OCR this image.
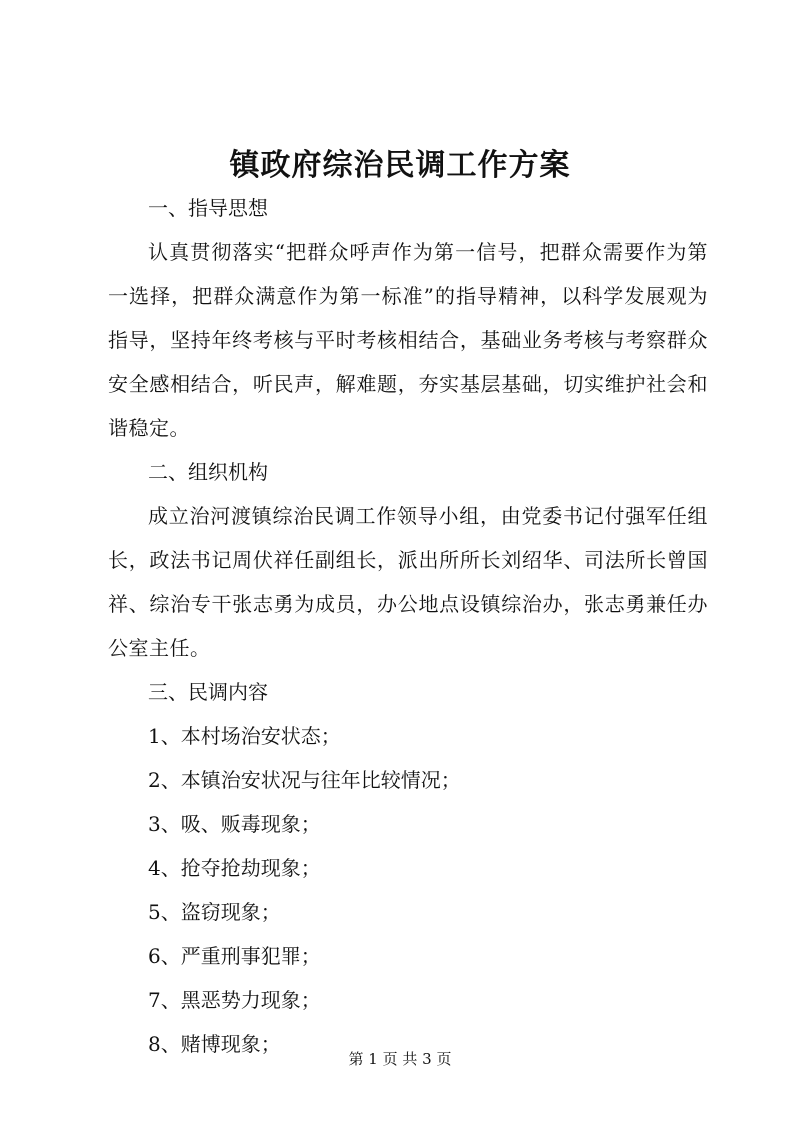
镇政府综治民调工作方案

一、指导思想

认真贯彻落实“把群众呼声作为第一信号，把群众需要作为第一选择，把群众满意作为第一标准”的指导精神，以科学发展观为指导，坚持年终考核与平时考核相结合，基础业务考核与考察群众安全感相结合，听民声，解难题，夯实基层基础，切实维护社会和谐稳定。

二、组织机构

成立治河渡镇综治民调工作领导小组，由党委书记付强军任组长，政法书记周伏祥任副组长，派出所所长刘绍华、司法所长曾国祥、综治专干张志勇为成员，办公地点设镇综治办，张志勇兼任办公室主任。

三、民调内容

1、本村场治安状态；

2、本镇治安状况与往年比较情况；

3、吸、贩毒现象；

4、抢夺抢劫现象；

5、盗窃现象；

6、严重刑事犯罪；

7、黑恶势力现象；

8、赌博现象；

第 1 页 共 3 页
